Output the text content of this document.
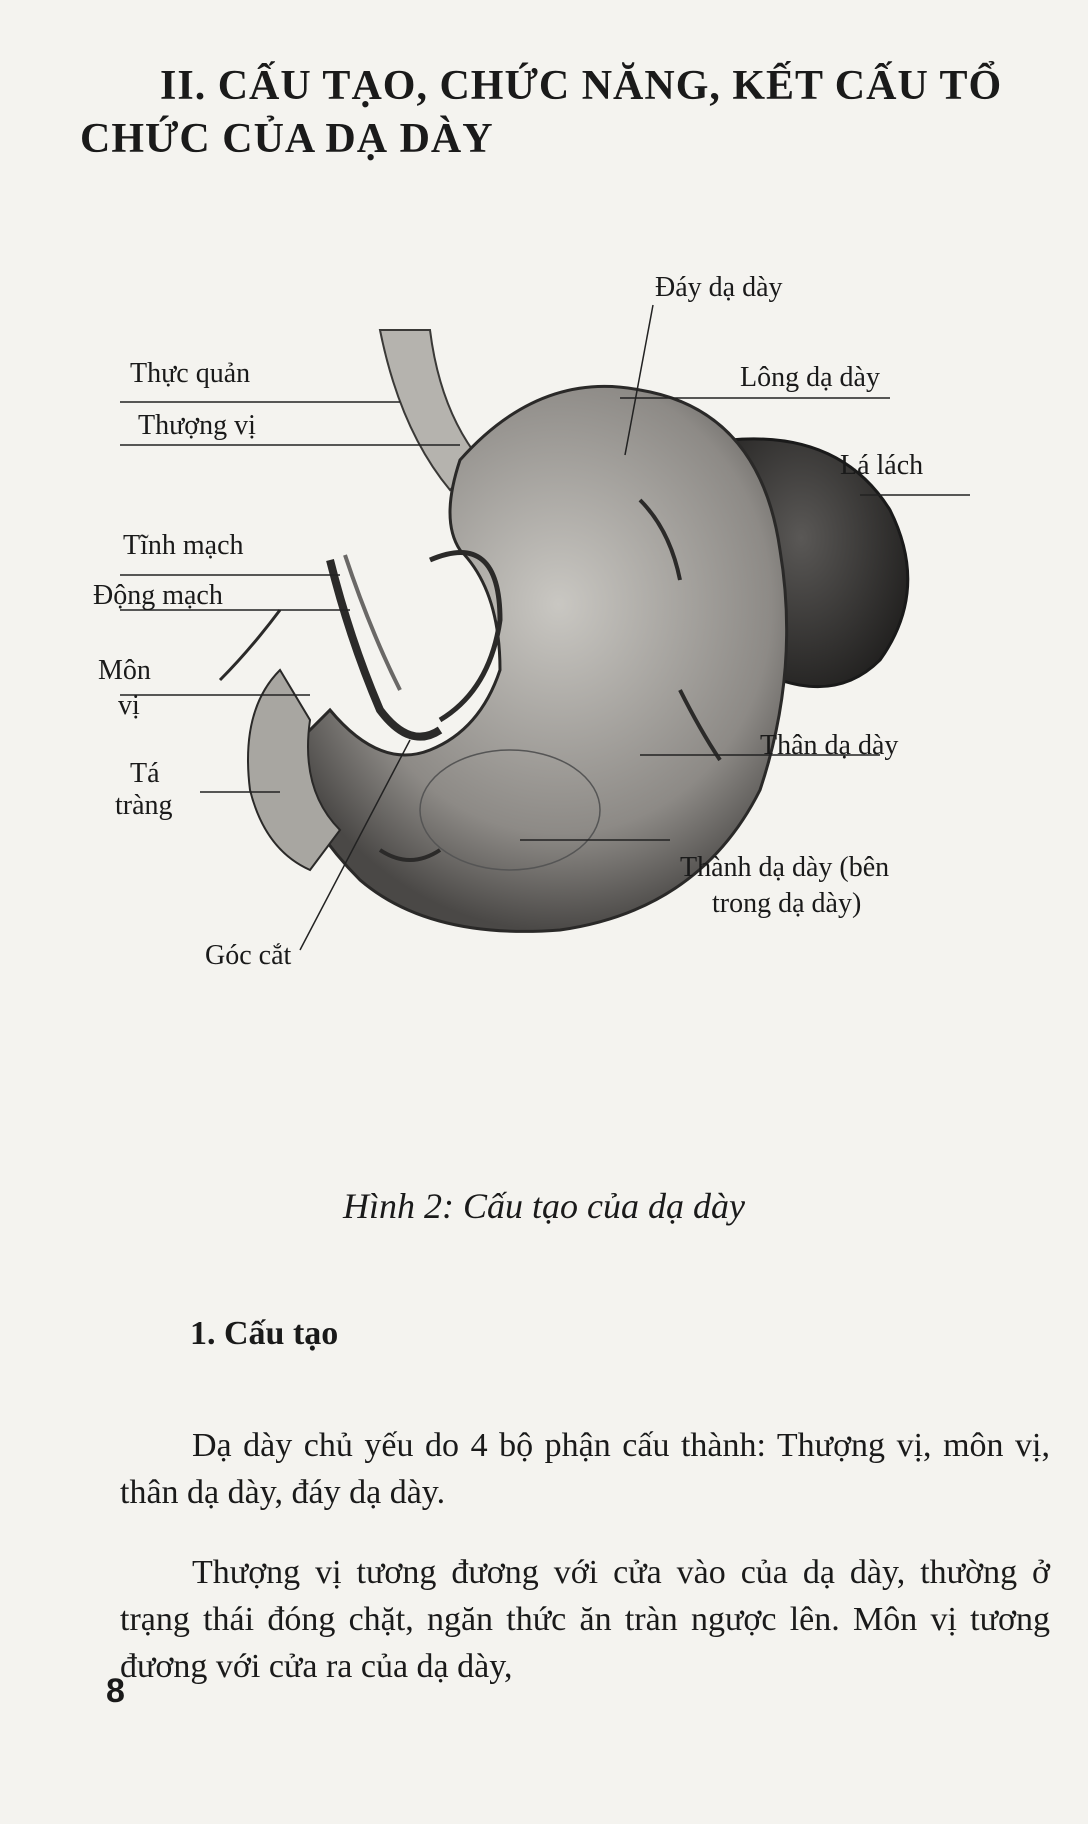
II. CẤU TẠO, CHỨC NĂNG, KẾT CẤU TỔ
CHỨC CỦA DẠ DÀY
Đáy dạ dày
Thực quản	Lông dạ dày
Thượng vị
Lá lách
Tĩnh mạch
Động mạch
Môn
vị
Tá
tràng
Thân dạ dày
Thành dạ dày (bên
trong dạ dày)
Góc cắt
Hình 2: Cấu tạo của dạ dày
1. Cấu tạo

Dạ dày chủ yếu do 4 bộ phận cấu thành: Thượng vị, môn vị, thân dạ dày, đáy dạ dày.

Thượng vị tương đương với cửa vào của dạ dày, thường ở trạng thái đóng chặt, ngăn thức ăn tràn ngược lên. Môn vị tương đương với cửa ra của dạ dày,

8
